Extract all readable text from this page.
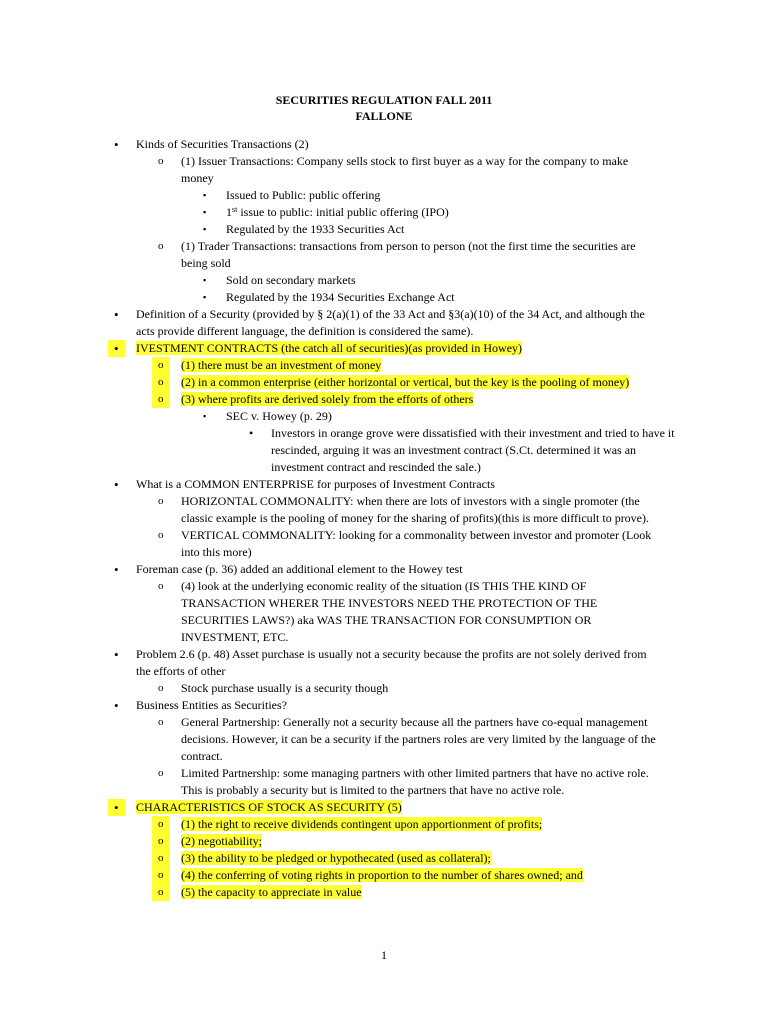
SECURITIES REGULATION FALL 2011
FALLONE
• Kinds of Securities Transactions (2)
o (1) Issuer Transactions: Company sells stock to first buyer as a way for the company to make money
▪ Issued to Public: public offering
▪ 1st issue to public: initial public offering (IPO)
▪ Regulated by the 1933 Securities Act
o (1) Trader Transactions: transactions from person to person (not the first time the securities are being sold
▪ Sold on secondary markets
▪ Regulated by the 1934 Securities Exchange Act
• Definition of a Security (provided by § 2(a)(1) of the 33 Act and §3(a)(10) of the 34 Act, and although the acts provide different language, the definition is considered the same).
•	IVESTMENT CONTRACTS (the catch all of securities)(as provided in Howey)
o	(1) there must be an investment of money
o	(2) in a common enterprise (either horizontal or vertical, but the key is the pooling of money)
o	(3) where profits are derived solely from the efforts of others
▪ SEC v. Howey (p. 29)
• Investors in orange grove were dissatisfied with their investment and tried to have it rescinded, arguing it was an investment contract (S.Ct. determined it was an investment contract and rescinded the sale.)
• What is a COMMON ENTERPRISE for purposes of Investment Contracts
o HORIZONTAL COMMONALITY: when there are lots of investors with a single promoter (the classic example is the pooling of money for the sharing of profits)(this is more difficult to prove).
o VERTICAL COMMONALITY: looking for a commonality between investor and promoter (Look into this more)
• Foreman case (p. 36) added an additional element to the Howey test
o (4) look at the underlying economic reality of the situation (IS THIS THE KIND OF TRANSACTION WHERER THE INVESTORS NEED THE PROTECTION OF THE SECURITIES LAWS?) aka WAS THE TRANSACTION FOR CONSUMPTION OR INVESTMENT, ETC.
• Problem 2.6 (p. 48) Asset purchase is usually not a security because the profits are not solely derived from the efforts of other
o Stock purchase usually is a security though
• Business Entities as Securities?
o General Partnership: Generally not a security because all the partners have co-equal management decisions. However, it can be a security if the partners roles are very limited by the language of the contract.
o Limited Partnership: some managing partners with other limited partners that have no active role. This is probably a security but is limited to the partners that have no active role.
•	CHARACTERISTICS OF STOCK AS SECURITY (5)
o	(1) the right to receive dividends contingent upon apportionment of profits;
o	(2) negotiability;
o	(3) the ability to be pledged or hypothecated (used as collateral);
o	(4) the conferring of voting rights in proportion to the number of shares owned; and
o	(5) the capacity to appreciate in value
1
